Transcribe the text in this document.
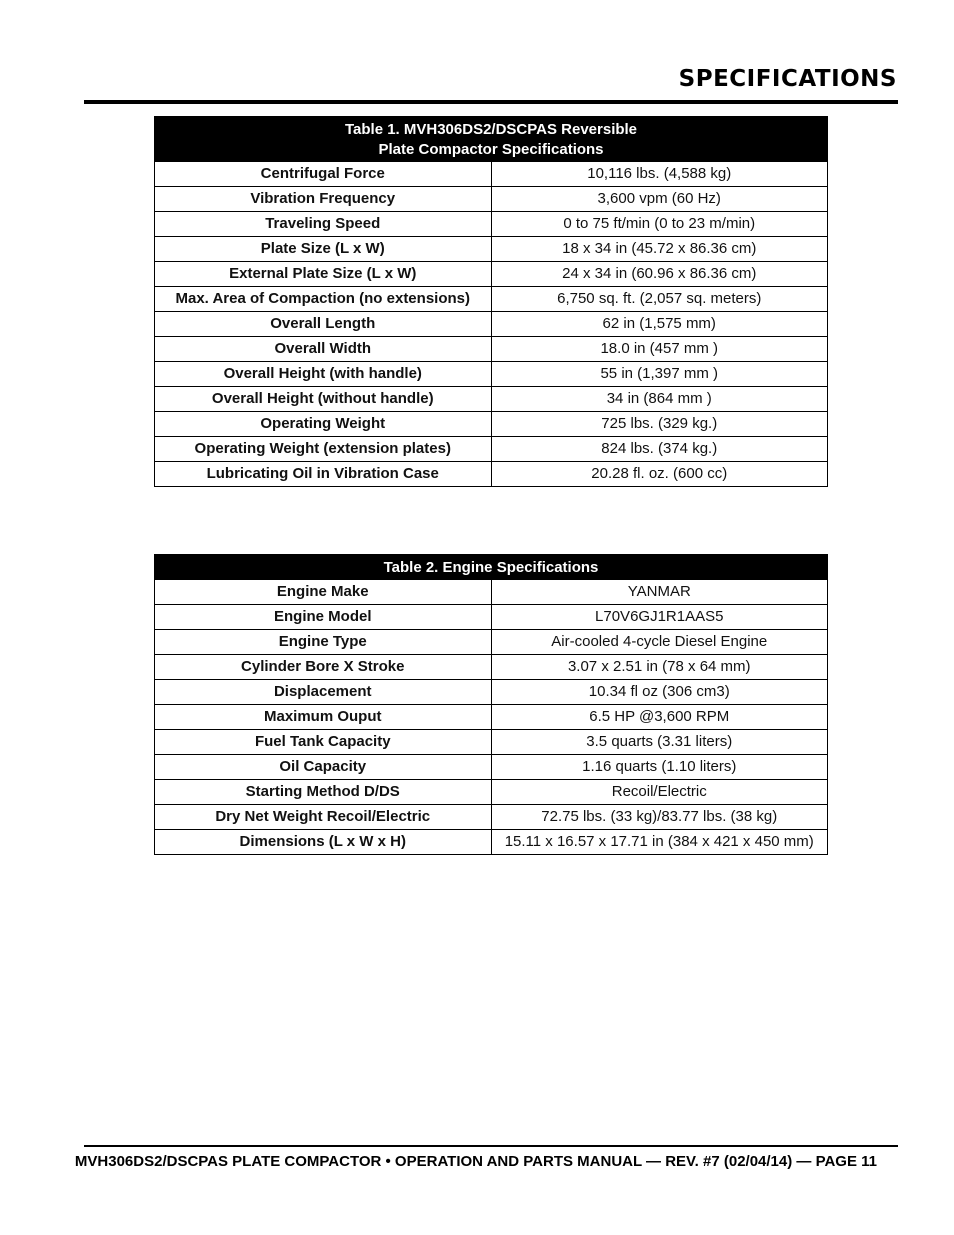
SPECIFICATIONS
Table 1. MVH306DS2/DSCPAS Reversible
Plate Compactor Specifications	

Centrifugal Force	10,116 lbs. (4,588 kg)
Vibration Frequency	3,600 vpm (60 Hz)
Traveling Speed	0 to 75 ft/min (0 to 23 m/min)
Plate Size (L x W)	18 x 34 in (45.72 x 86.36 cm)
External Plate Size (L x W)	24 x 34 in (60.96 x 86.36 cm)
Max. Area of Compaction (no extensions)	6,750 sq. ft. (2,057 sq. meters)
Overall Length	62 in (1,575 mm)
Overall Width	18.0 in (457 mm )
Overall Height (with handle)	55 in (1,397 mm )
Overall Height (without handle)	34 in (864 mm )
Operating Weight	725 lbs. (329 kg.)
Operating Weight (extension plates)	824 lbs. (374 kg.)
Lubricating Oil in Vibration Case	20.28 fl. oz. (600 cc)
Table 2. Engine Specifications	
Engine Make	YANMAR
Engine Model	L70V6GJ1R1AAS5
Engine Type	Air-cooled 4-cycle Diesel Engine
Cylinder Bore X Stroke	3.07 x 2.51 in (78 x 64 mm)
Displacement	10.34 fl oz (306 cm3)
Maximum Ouput	6.5 HP @3,600 RPM
Fuel Tank Capacity	3.5 quarts (3.31 liters)
Oil Capacity	1.16 quarts (1.10 liters)
Starting Method D/DS	Recoil/Electric
Dry Net Weight Recoil/Electric	72.75 lbs. (33 kg)/83.77 lbs. (38 kg)
Dimensions (L x W x H)	15.11 x 16.57 x 17.71 in (384 x 421 x 450 mm)
MVH306DS2/DSCPAS PLATE COMPACTOR • OPERATION AND PARTS MANUAL — REV. #7 (02/04/14) — PAGE 11
